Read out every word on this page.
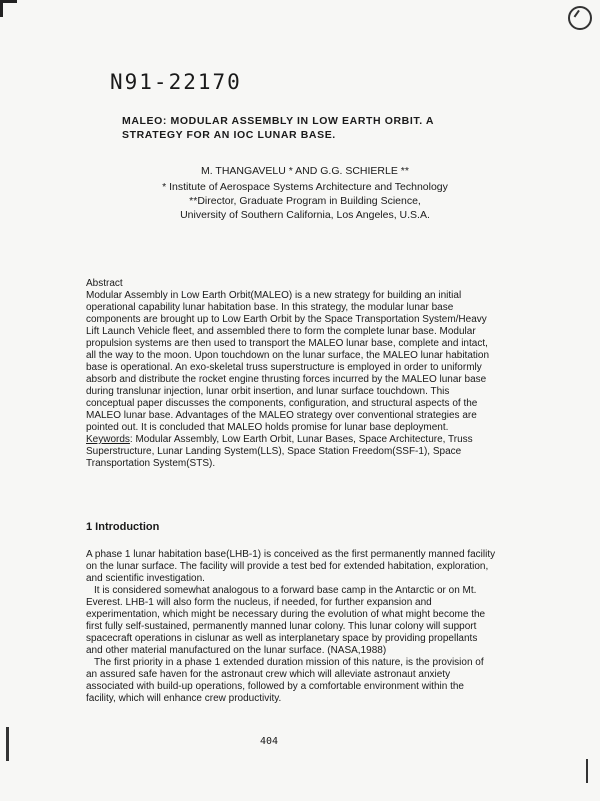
N91-22170
MALEO: MODULAR ASSEMBLY IN LOW EARTH ORBIT. A
STRATEGY FOR AN IOC LUNAR BASE.
M. THANGAVELU * AND G.G. SCHIERLE **
* Institute of Aerospace Systems Architecture and Technology
**Director, Graduate Program in Building Science,
University of Southern California, Los Angeles, U.S.A.
Abstract

Modular Assembly in Low Earth Orbit(MALEO) is a new strategy for building an initial operational capability lunar habitation base. In this strategy, the modular lunar base components are brought up to Low Earth Orbit by the Space Transportation System/Heavy Lift Launch Vehicle fleet, and assembled there to form the complete lunar base. Modular propulsion systems are then used to transport the MALEO lunar base, complete and intact, all the way to the moon. Upon touchdown on the lunar surface, the MALEO lunar habitation base is operational. An exo-skeletal truss superstructure is employed in order to uniformly absorb and distribute the rocket engine thrusting forces incurred by the MALEO lunar base during translunar injection, lunar orbit insertion, and lunar surface touchdown. This conceptual paper discusses the components, configuration, and structural aspects of the MALEO lunar base. Advantages of the MALEO strategy over conventional strategies are pointed out. It is concluded that MALEO holds promise for lunar base deployment.

Keywords: Modular Assembly, Low Earth Orbit, Lunar Bases, Space Architecture, Truss Superstructure, Lunar Landing System(LLS), Space Station Freedom(SSF-1), Space Transportation System(STS).

1 Introduction

A phase 1 lunar habitation base(LHB-1) is conceived as the first permanently manned facility on the lunar surface. The facility will provide a test bed for extended habitation, exploration, and scientific investigation.

It is considered somewhat analogous to a forward base camp in the Antarctic or on Mt. Everest. LHB-1 will also form the nucleus, if needed, for further expansion and experimentation, which might be necessary during the evolution of what might become the first fully self-sustained, permanently manned lunar colony. This lunar colony will support spacecraft operations in cislunar as well as interplanetary space by providing propellants and other material manufactured on the lunar surface. (NASA,1988)

The first priority in a phase 1 extended duration mission of this nature, is the provision of an assured safe haven for the astronaut crew which will alleviate astronaut anxiety associated with build-up operations, followed by a comfortable environment within the facility, which will enhance crew productivity.

404
